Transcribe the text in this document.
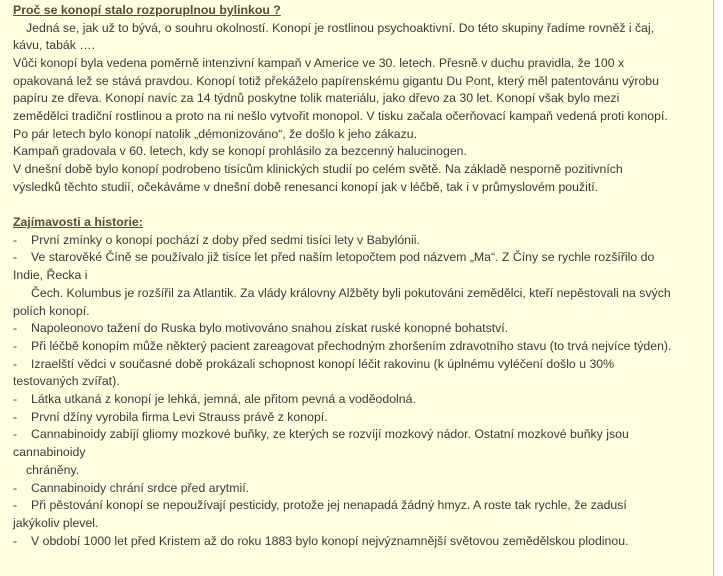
Proč se konopí stalo rozporuplnou bylinkou ?
Jedná se, jak už to bývá, o souhru okolností. Konopí je rostlinou psychoaktivní. Do této skupiny řadíme rovněž i čaj,
kávu, tabák ….
Vůči konopí byla vedena poměrně intenzivní kampaň v Americe ve 30. letech. Přesně v duchu pravidla, že 100 x
opakovaná lež se stává pravdou. Konopí totiž překáželo papírenskému gigantu Du Pont, který měl patentovánu výrobu
papíru ze dřeva. Konopí navíc za 14 týdnů poskytne tolik materiálu, jako dřevo za 30 let. Konopí však bylo mezi
zemědělci tradiční rostlinou a proto na ni nešlo vytvořit monopol. V tisku začala očerňovací kampaň vedená proti konopí.
Po pár letech bylo konopí natolik „démonizováno“, že došlo k jeho zákazu.
Kampaň gradovala v 60. letech, kdy se konopí prohlásilo za bezcenný halucinogen.
V dnešní době bylo konopí podrobeno tisícům klinických studií po celém světě. Na základě nesporně pozitivních
výsledků těchto studií, očekáváme v dnešní době renesanci konopí jak v léčbě, tak i v průmyslovém použití.
Zajímavosti a historie:
- První zmínky o konopí pochází z doby před sedmi tisíci lety v Babylónii.
- Ve starověké Číně se používalo již tisíce let před naším letopočtem pod názvem „Ma“. Z Číny se rychle rozšířilo do
Indie, Řecka i
Čech. Kolumbus je rozšířil za Atlantik. Za vlády královny Alžběty byli pokutováni zemědělci, kteří nepěstovali na svých
polích konopí.
- Napoleonovo tažení do Ruska bylo motivováno snahou získat ruské konopné bohatství.
- Při léčbě konopím může některý pacient zareagovat přechodným zhoršením zdravotního stavu (to trvá nejvíce týden).
- Izraelští vědci v současné době prokázali schopnost konopí léčit rakovinu (k úplnému vyléčení došlo u 30%
testovaných zvířat).
- Látka utkaná z konopí je lehká, jemná, ale přitom pevná a voděodolná.
- První džíny vyrobila firma Levi Strauss právě z konopí.
- Cannabinoidy zabíjí gliomy mozkové buňky, ze kterých se rozvíjí mozkový nádor. Ostatní mozkové buňky jsou
cannabinoidy
chráněny.
- Cannabinoidy chrání srdce před arytmií.
- Při pěstování konopí se nepoužívají pesticidy, protože jej nenapadá žádný hmyz. A roste tak rychle, že zadusí
jakýkoliv plevel.
- V období 1000 let před Kristem až do roku 1883 bylo konopí nejvýznamnější světovou zemědělskou plodinou.
